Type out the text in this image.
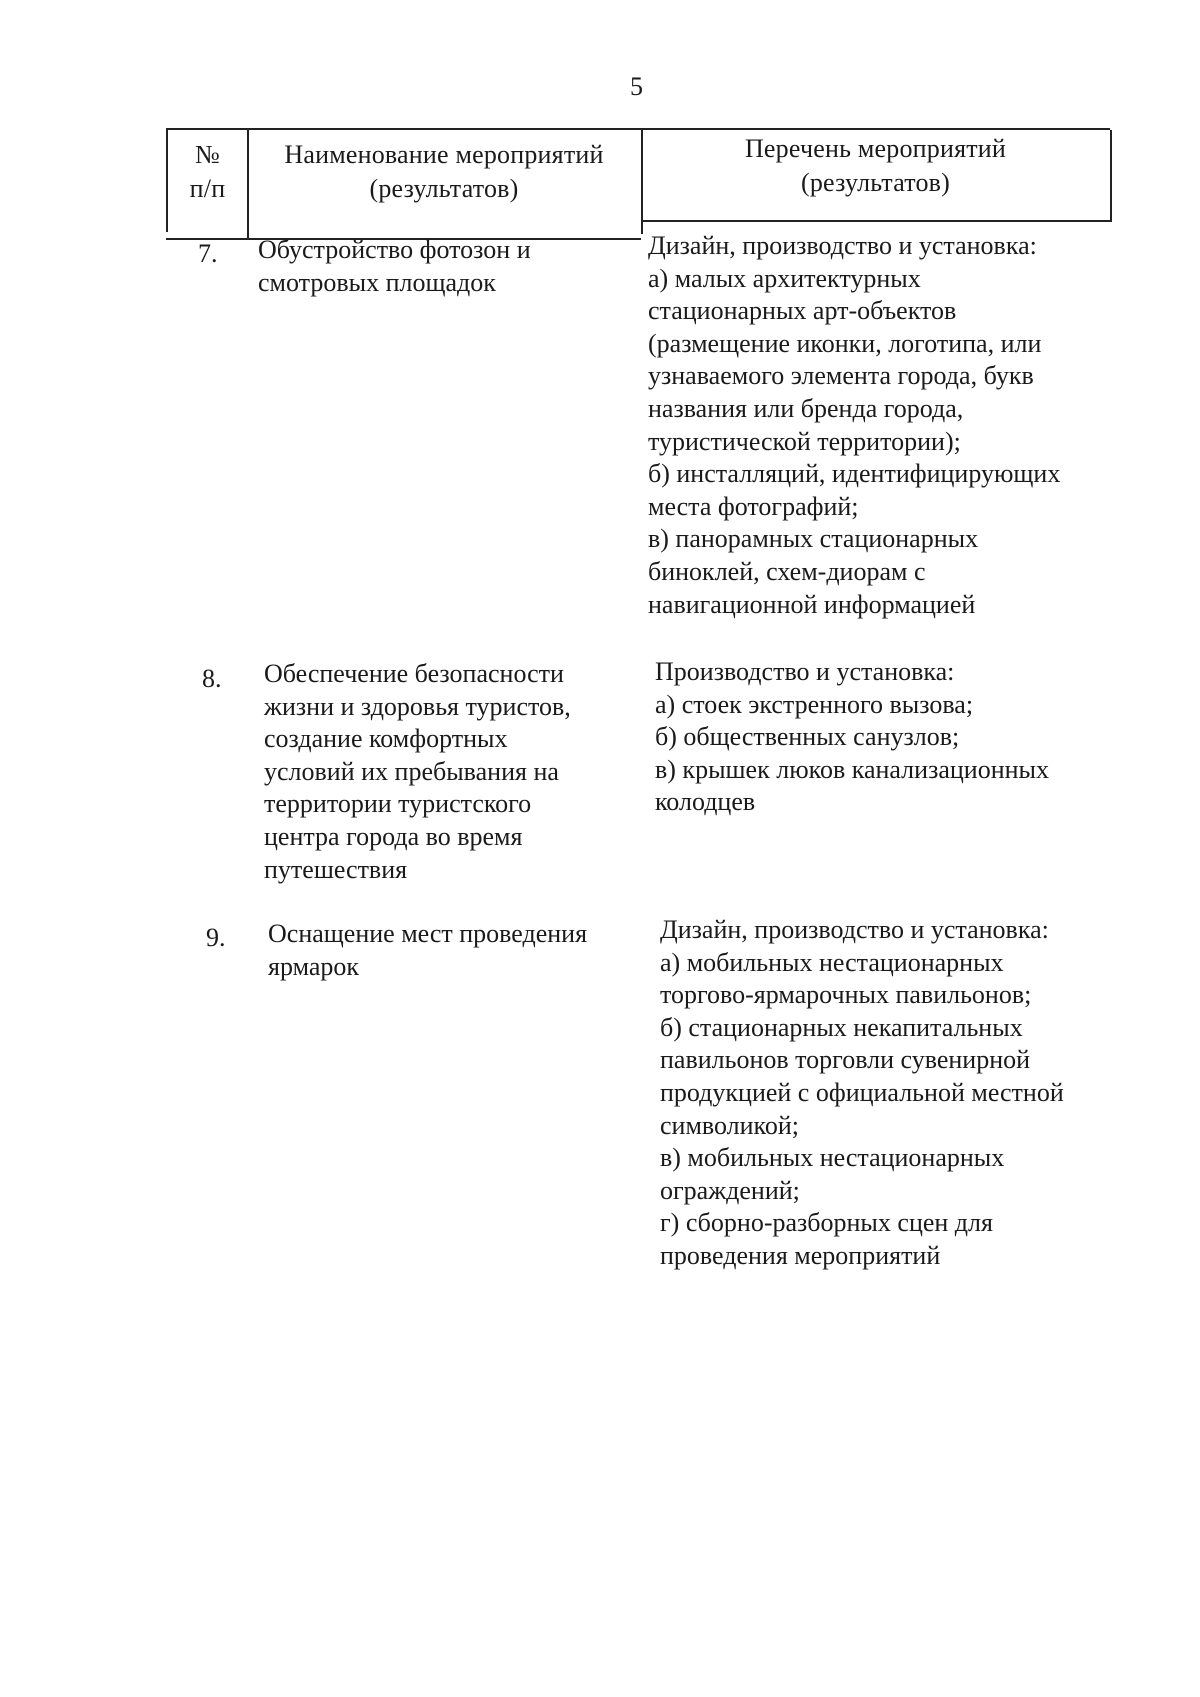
5
№
п/п
Наименование мероприятий
(результатов)
Перечень мероприятий
(результатов)
7. Обустройство фотозон и
смотровых площадок
Дизайн, производство и установка:
а) малых архитектурных
стационарных арт-объектов
(размещение иконки, логотипа, или
узнаваемого элемента города, букв
названия или бренда города,
туристической территории);
б) инсталляций, идентифицирующих
места фотографий;
в) панорамных стационарных
биноклей, схем-диорам с
навигационной информацией
8. Обеспечение безопасности
жизни и здоровья туристов,
создание комфортных
условий их пребывания на
территории туристского
центра города во время
путешествия
Производство и установка:
а) стоек экстренного вызова;
б) общественных санузлов;
в) крышек люков канализационных
колодцев
9. Оснащение мест проведения
ярмарок
Дизайн, производство и установка:
а) мобильных нестационарных
торгово-ярмарочных павильонов;
б) стационарных некапитальных
павильонов торговли сувенирной
продукцией с официальной местной
символикой;
в) мобильных нестационарных
ограждений;
г) сборно-разборных сцен для
проведения мероприятий
